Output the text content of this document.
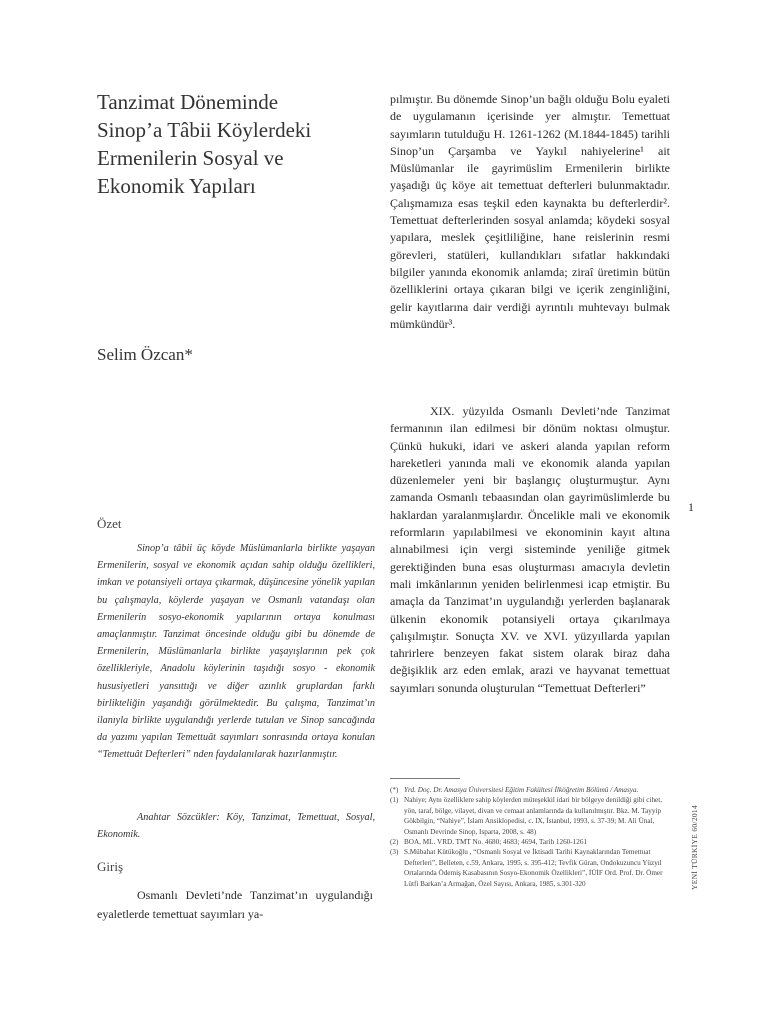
Tanzimat Döneminde
Sinop’a Tâbii Köylerdeki
Ermenilerin Sosyal ve
Ekonomik Yapıları
Selim Özcan*
Özet

Sinop’a tâbii üç köyde Müslümanlarla birlikte yaşayan Ermenilerin, sosyal ve ekonomik açıdan sahip olduğu özellikleri, imkan ve potansiyeli ortaya çıkarmak, düşüncesine yönelik yapılan bu çalışmayla, köylerde yaşayan ve Osmanlı vatandaşı olan Ermenilerin sosyo-ekonomik yapılarının ortaya konulması amaçlanmıştır. Tanzimat öncesinde olduğu gibi bu dönemde de Ermenilerin, Müslümanlarla birlikte yaşayışlarının pek çok özellikleriyle, Anadolu köylerinin taşıdığı sosyo - ekonomik hususiyetleri yansıttığı ve diğer azınlık gruplardan farklı birlikteliğin yaşandığı görülmektedir. Bu çalışma, Tanzimat’ın ilanıyla birlikte uygulandığı yerlerde tutulan ve Sinop sancağında da yazımı yapılan Temettuât sayımları sonrasında ortaya konulan “Temettuât Defterleri” nden faydalanılarak hazırlanmıştır.

Anahtar Sözcükler: Köy, Tanzimat, Temettuat, Sosyal, Ekonomik.

Giriş

Osmanlı Devleti’nde Tanzimat’ın uygulandığı eyaletlerde temettuat sayımları ya-

pılmıştır. Bu dönemde Sinop’un bağlı olduğu Bolu eyaleti de uygulamanın içerisinde yer almıştır. Temettuat sayımların tutulduğu H. 1261-1262 (M.1844-1845) tarihli Sinop’un Çarşamba ve Yaykıl nahiyelerine¹ ait Müslümanlar ile gayrimüslim Ermenilerin birlikte yaşadığı üç köye ait temettuat defterleri bulunmaktadır. Çalışmamıza esas teşkil eden kaynakta bu defterlerdir². Temettuat defterlerinden sosyal anlamda; köydeki sosyal yapılara, meslek çeşitliliğine, hane reislerinin resmi görevleri, statüleri, kullandıkları sıfatlar hakkındaki bilgiler yanında ekonomik anlamda; ziraî üretimin bütün özelliklerini ortaya çıkaran bilgi ve içerik zenginliğini, gelir kayıtlarına dair verdiği ayrıntılı muhtevayı bulmak mümkündür³.

XIX. yüzyılda Osmanlı Devleti’nde Tanzimat fermanının ilan edilmesi bir dönüm noktası olmuştur. Çünkü hukuki, idari ve askeri alanda yapılan reform hareketleri yanında mali ve ekonomik alanda yapılan düzenlemeler yeni bir başlangıç oluşturmuştur. Aynı zamanda Osmanlı tebaasından olan gayrimüslimlerde bu haklardan yaralanmışlardır. Öncelikle mali ve ekonomik reformların yapılabilmesi ve ekonominin kayıt altına alınabilmesi için vergi sisteminde yeniliğe gitmek gerektiğinden buna esas oluşturması amacıyla devletin mali imkânlarının yeniden belirlenmesi icap etmiştir. Bu amaçla da Tanzimat’ın uygulandığı yerlerden başlanarak ülkenin ekonomik potansiyeli ortaya çıkarılmaya çalışılmıştır. Sonuçta XV. ve XVI. yüzyıllarda yapılan tahrirlere benzeyen fakat sistem olarak biraz daha değişiklik arz eden emlak, arazi ve hayvanat temettuat sayımları sonunda oluşturulan “Temettuat Defterleri”

(*) Yrd. Doç. Dr. Amasya Üniversitesi Eğitim Fakültesi İlköğretim Bölümü / Amasya.
(1) Nahiye; Aynı özelliklere sahip köylerden müteşekkil idari bir bölgeye denildiği gibi cihet, yön, taraf, bölge, vilayet, divan ve cemaat anlamlarında da kullanılmıştır. Bkz. M. Tayyip Gökbilgin, “Nahiye”, İslam Ansiklopedisi, c. IX, İstanbul, 1993, s. 37-39; M. Ali Ünal, Osmanlı Devrinde Sinop, Isparta, 2008, s. 48)
(2) BOA, ML. VRD. TMT No. 4680; 4683; 4694, Tarih 1260-1261
(3) S.Mübahat Kütükoğlu , “Osmanlı Sosyal ve İktisadi Tarihi Kaynaklarından Temettuat Defterleri”, Belleten, c.59, Ankara, 1995, s. 395-412; Tevfik Güran, Ondokuzuncu Yüzyıl Ortalarında Ödemiş Kasabasının Sosyo-Ekonomik Özellikleri”, İÜİF Ord. Prof. Dr. Ömer Lütfi Barkan’a Armağan, Özel Sayısı, Ankara, 1985, s.301-320
1
YENİ TÜRKİYE 60/2014
